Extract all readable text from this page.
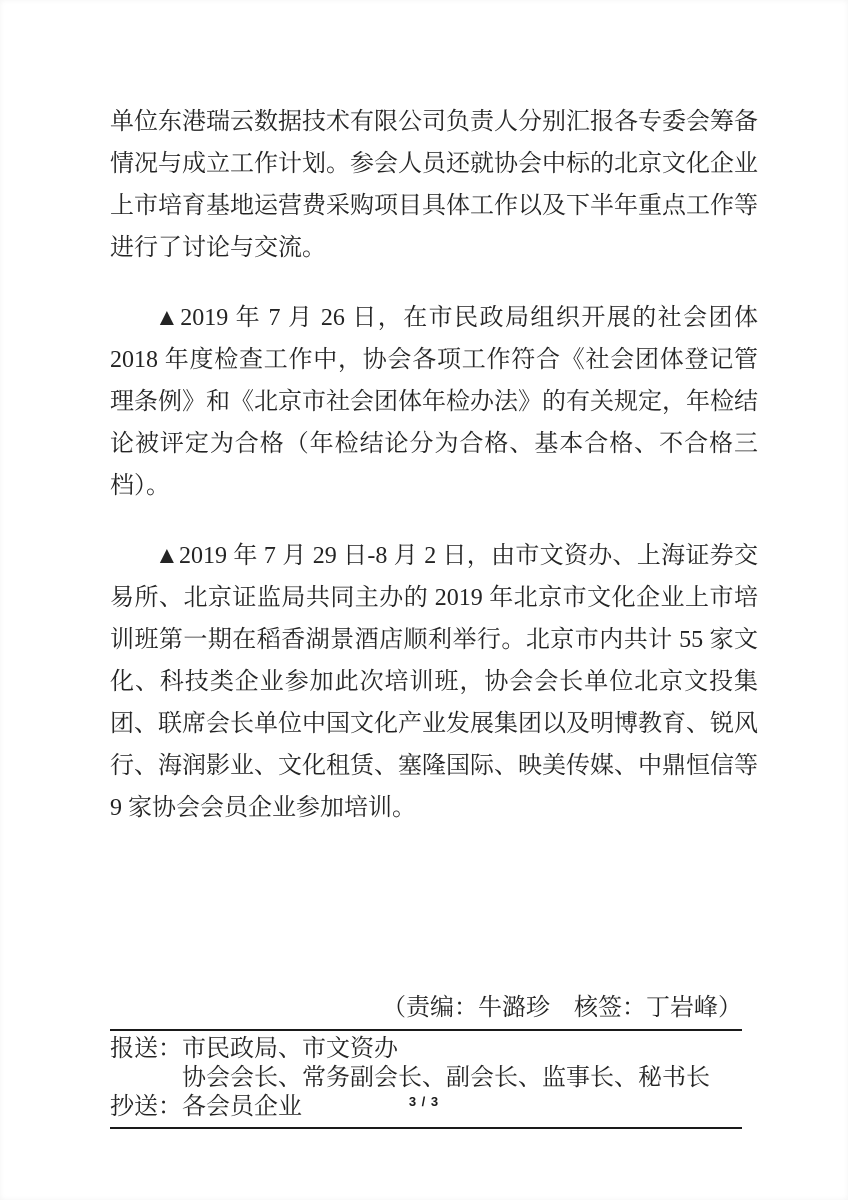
单位东港瑞云数据技术有限公司负责人分别汇报各专委会筹备情况与成立工作计划。参会人员还就协会中标的北京文化企业上市培育基地运营费采购项目具体工作以及下半年重点工作等进行了讨论与交流。

▲2019 年 7 月 26 日，在市民政局组织开展的社会团体 2018 年度检查工作中，协会各项工作符合《社会团体登记管理条例》和《北京市社会团体年检办法》的有关规定，年检结论被评定为合格（年检结论分为合格、基本合格、不合格三档）。

▲2019 年 7 月 29 日-8 月 2 日，由市文资办、上海证券交易所、北京证监局共同主办的 2019 年北京市文化企业上市培训班第一期在稻香湖景酒店顺利举行。北京市内共计 55 家文化、科技类企业参加此次培训班，协会会长单位北京文投集团、联席会长单位中国文化产业发展集团以及明博教育、锐风行、海润影业、文化租赁、塞隆国际、映美传媒、中鼎恒信等 9 家协会会员企业参加培训。

（责编：牛潞珍　核签：丁岩峰）
报送： 市民政局、市文资办
协会会长、常务副会长、副会长、监事长、秘书长
抄送： 各会员企业	3 / 3
